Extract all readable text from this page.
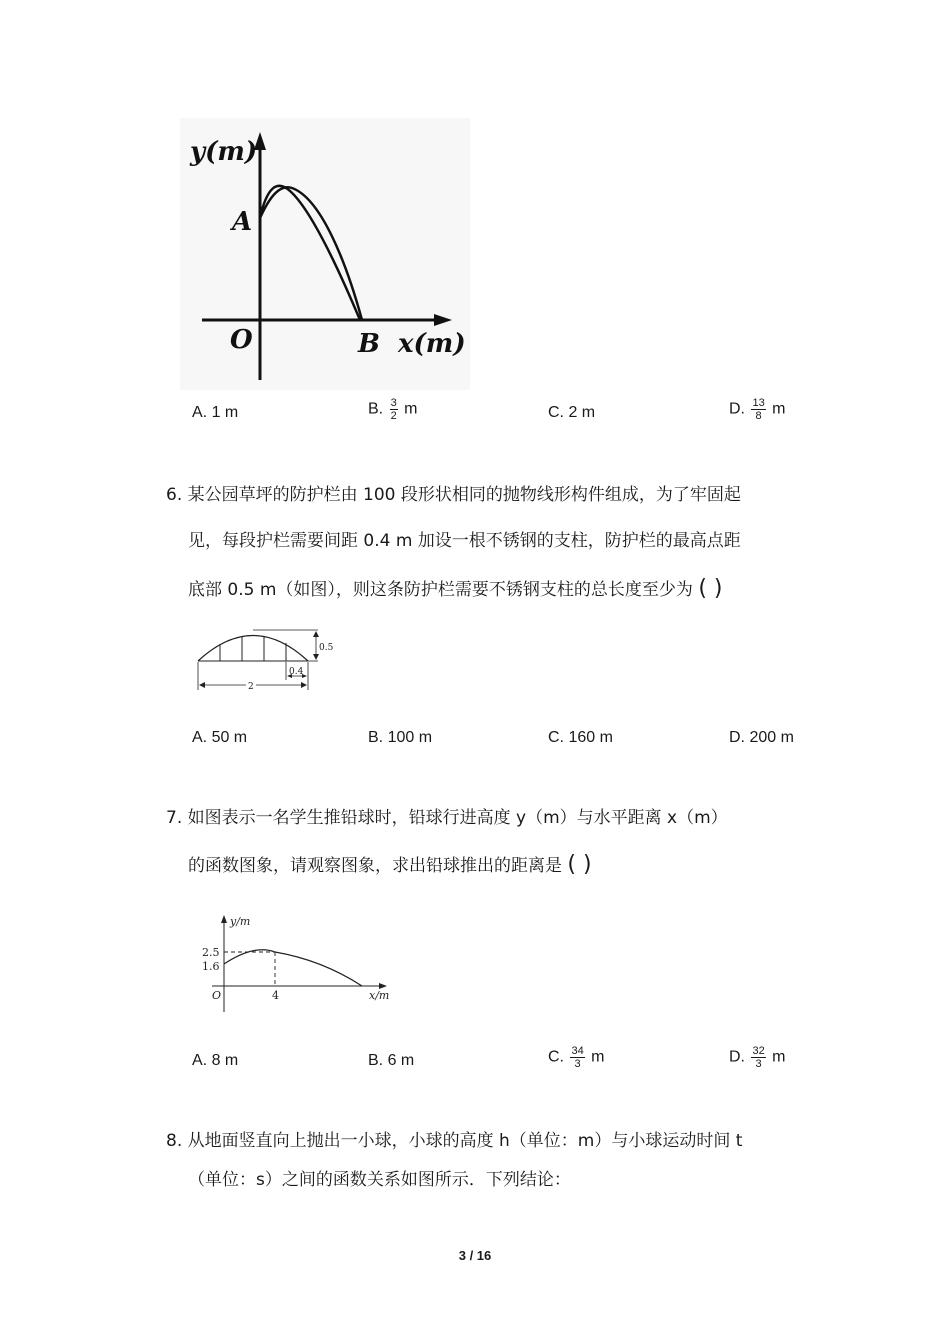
y(m)
A
O	B x(m)
A. 1 m	B. $\frac{3}{2}$ m	C. 2 m	D. $\frac{13}{8}$ m
6. 某公园草坪的防护栏由 100 段形状相同的抛物线形构件组成，为了牢固起
见，每段护栏需要间距 0.4 m 加设一根不锈钢的支柱，防护栏的最高点距
底部 0.5 m（如图），则这条防护栏需要不锈钢支柱的总长度至少为 ( )
0.5
0.4
2
A. 50 m	B. 100 m	C. 160 m	D. 200 m
7. 如图表示一名学生推铅球时，铅球行进高度 y（m）与水平距离 x（m）
的函数图象，请观察图象，求出铅球推出的距离是 ( )
y/m
x/m
2.5
1.6
O	4
A. 8 m	B. 6 m	C. $\frac{34}{3}$ m	D. $\frac{32}{3}$ m
8. 从地面竖直向上抛出一小球，小球的高度 h（单位：m）与小球运动时间 t
（单位：s）之间的函数关系如图所示．下列结论：
3 / 16
